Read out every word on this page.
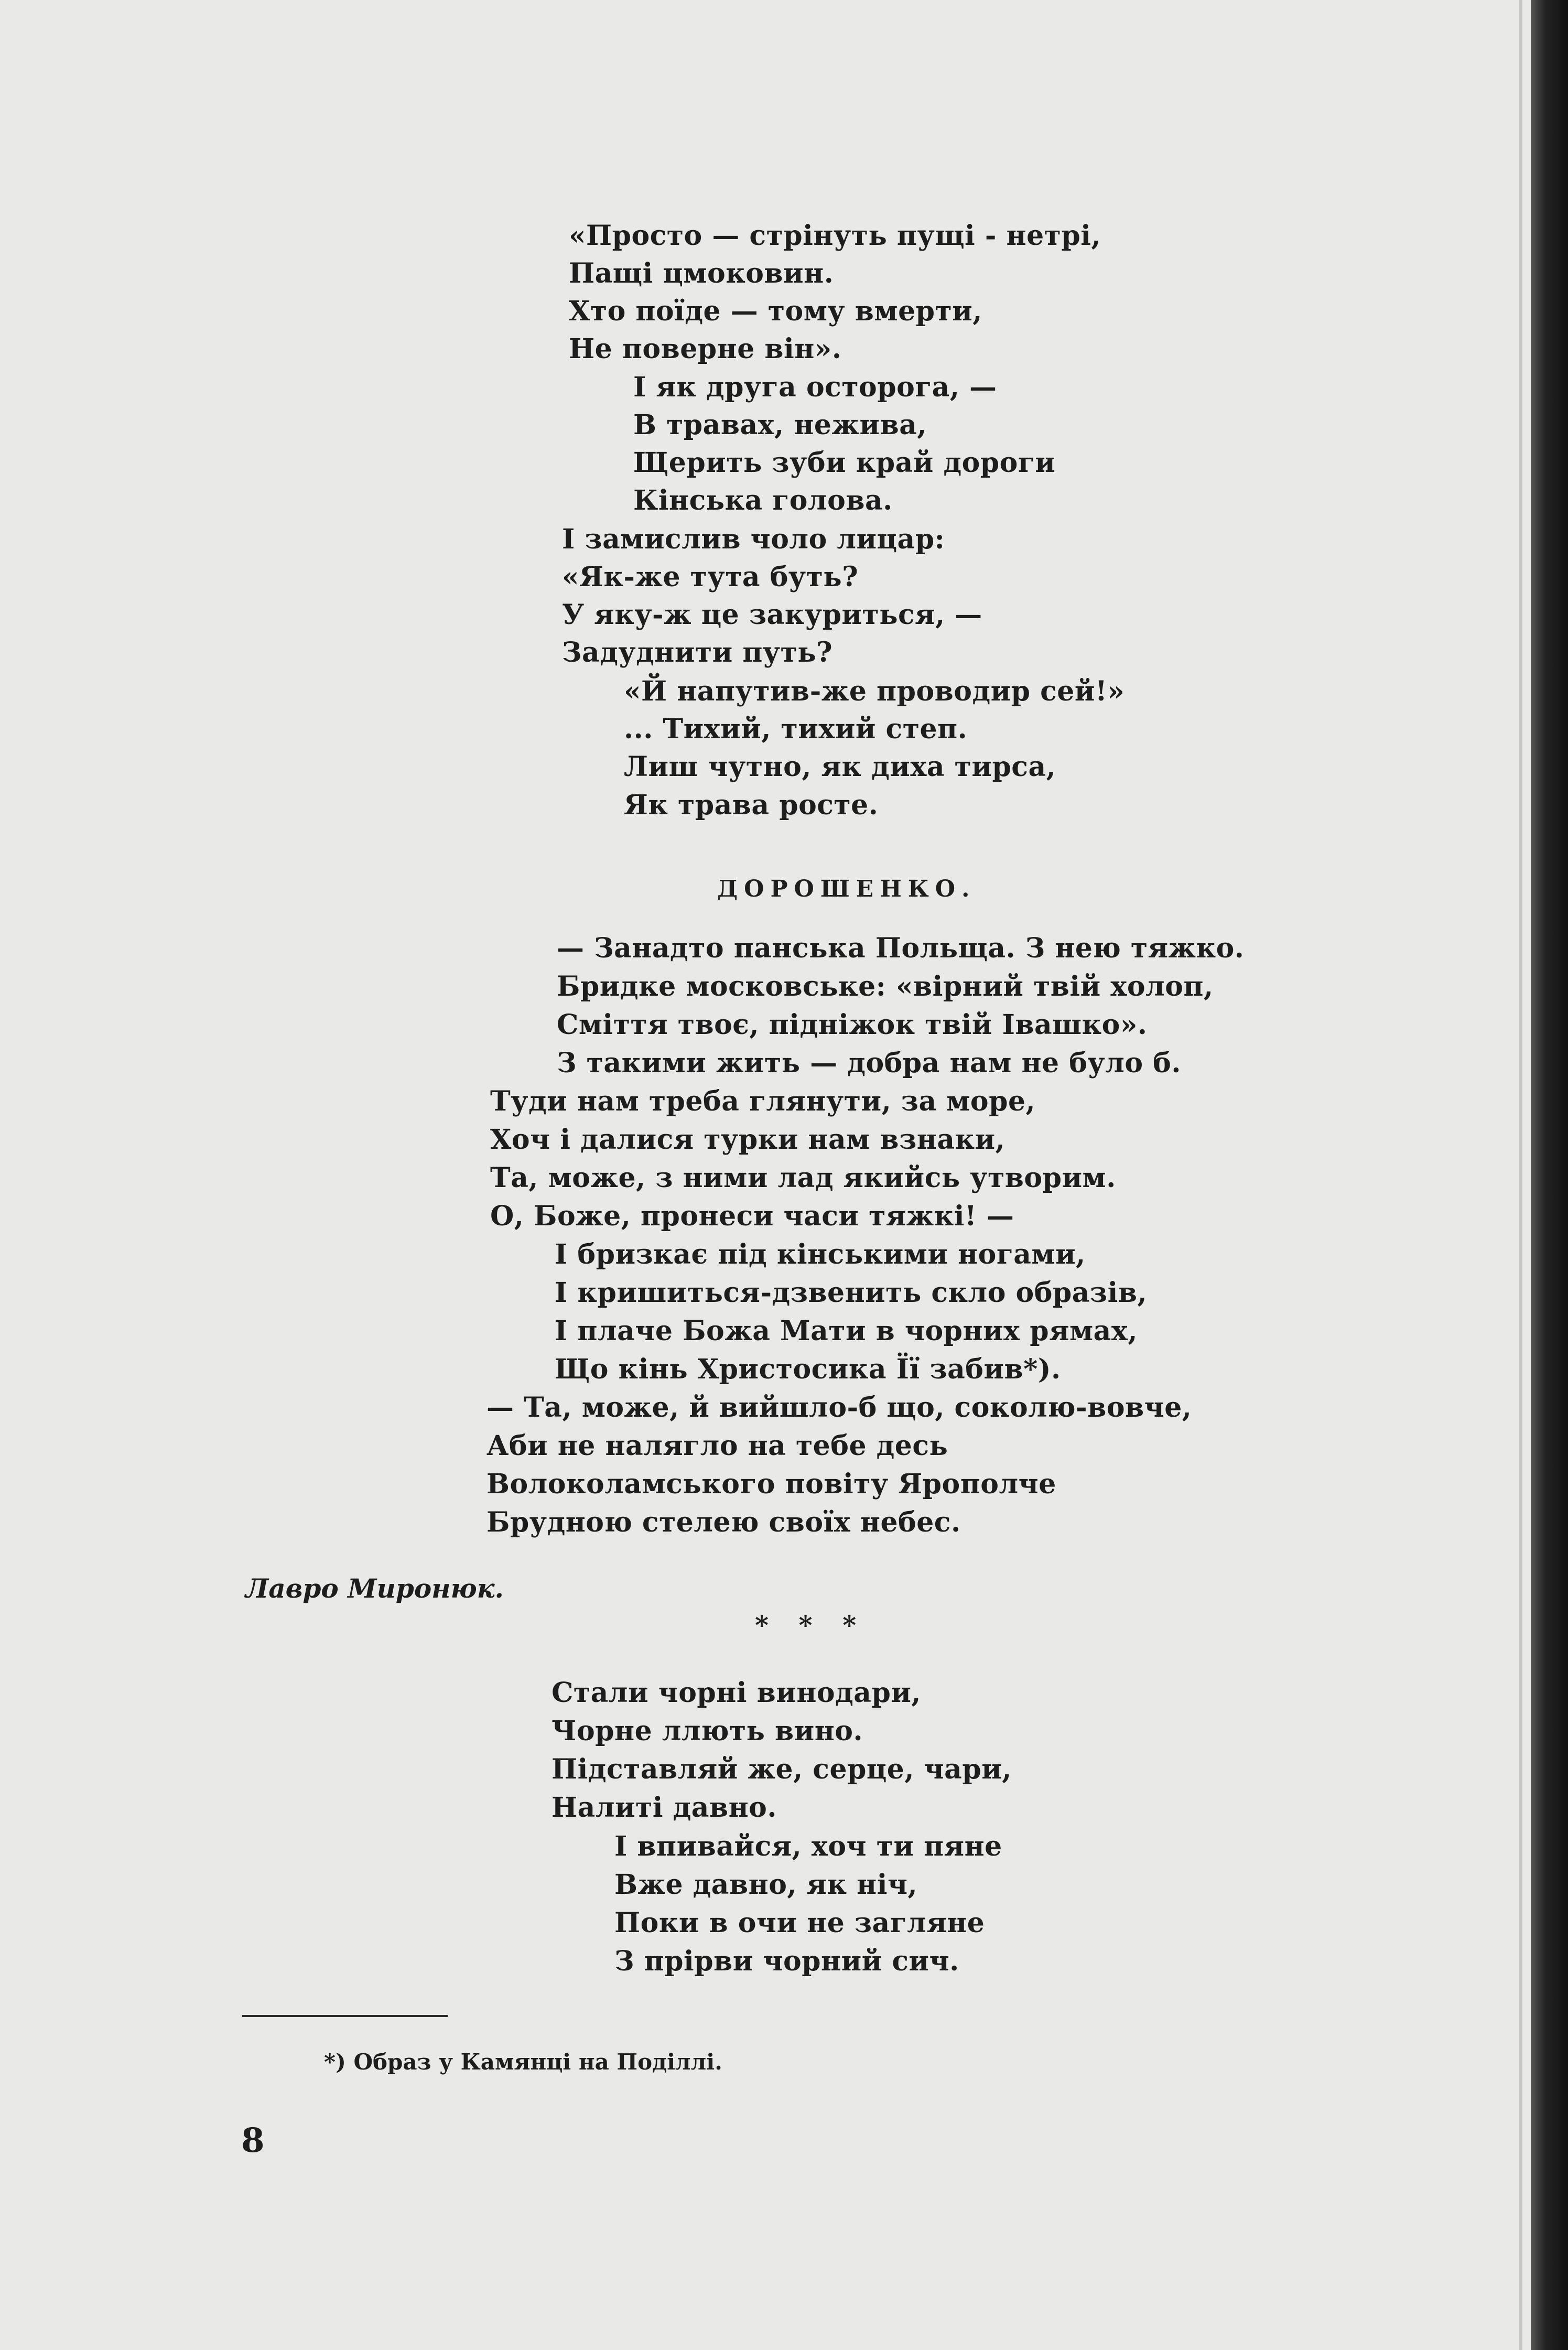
«Просто — стрінуть пущі - нетрі,
Пащі цмоковин.
Хто поїде — тому вмерти,
Не поверне він».
І як друга осторога, —
В травах, нежива,
Щерить зуби край дороги
Кінська голова.
І замислив чоло лицар:
«Як-же тута буть?
У яку-ж це закуриться, —
Задуднити путь?
«Й напутив-же проводир сей!»
... Тихий, тихий степ.
Лиш чутно, як диха тирса,
Як трава росте.
ДОРОШЕНКО.
— Занадто панська Польща. З нею тяжко.
Бридке московське: «вірний твій холоп,
Сміття твоє, підніжок твій Івашко».
З такими жить — добра нам не було б.
Туди нам треба глянути, за море,
Хоч і далися турки нам взнаки,
Та, може, з ними лад якийсь утворим.
О, Боже, пронеси часи тяжкі! —
І бризкає під кінськими ногами,
І кришиться-дзвенить скло образів,
І плаче Божа Мати в чорних рямах,
Що кінь Христосика Її забив*).
— Та, може, й вийшло-б що, соколю-вовче,
Аби не налягло на тебе десь
Волоколамського повіту Ярополче
Брудною стелею своїх небес.
Лавро Миронюк.
* * *
Стали чорні винодари,
Чорне ллють вино.
Підставляй же, серце, чари,
Налиті давно.
І впивайся, хоч ти пяне
Вже давно, як ніч,
Поки в очи не загляне
З прірви чорний сич.
*) Образ у Камянці на Поділлі.
8
